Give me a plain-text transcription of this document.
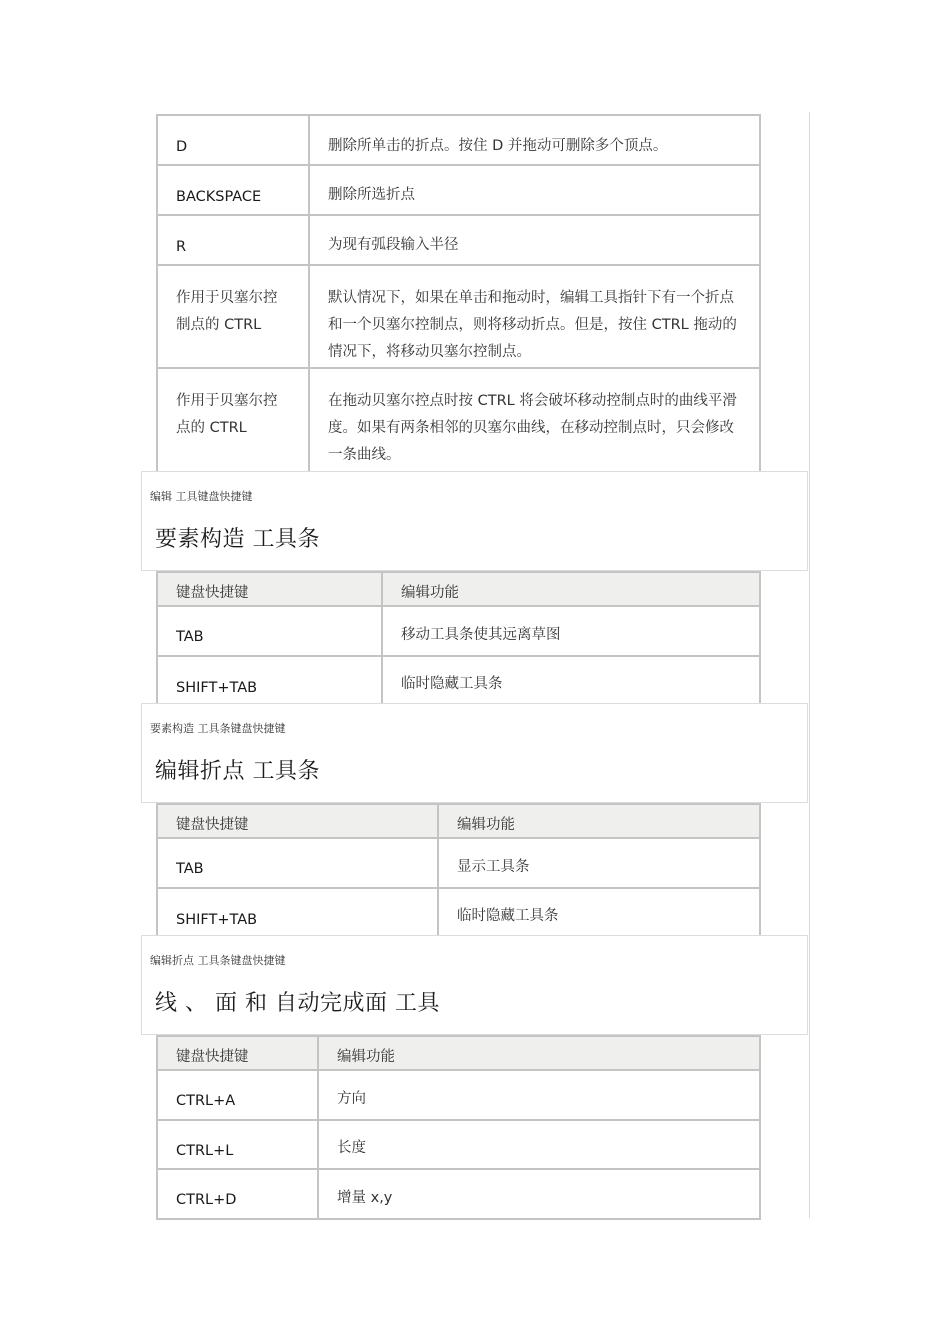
D	删除所单击的折点。按住 D 并拖动可删除多个顶点。
BACKSPACE	删除所选折点
R	为现有弧段输入半径
作用于贝塞尔控制点的 CTRL	默认情况下，如果在单击和拖动时，编辑工具指针下有一个折点和一个贝塞尔控制点，则将移动折点。但是，按住 CTRL 拖动的情况下，将移动贝塞尔控制点。
作用于贝塞尔控点的 CTRL	在拖动贝塞尔控点时按 CTRL 将会破坏移动控制点时的曲线平滑度。如果有两条相邻的贝塞尔曲线，在移动控制点时，只会修改一条曲线。
编辑 工具键盘快捷键
要素构造 工具条
键盘快捷键	编辑功能
TAB	移动工具条使其远离草图
SHIFT+TAB	临时隐藏工具条
要素构造 工具条键盘快捷键
编辑折点 工具条
键盘快捷键	编辑功能
TAB	显示工具条
SHIFT+TAB	临时隐藏工具条
编辑折点 工具条键盘快捷键
线 、 面 和 自动完成面 工具
键盘快捷键	编辑功能
CTRL+A	方向
CTRL+L	长度
CTRL+D	增量 x,y
